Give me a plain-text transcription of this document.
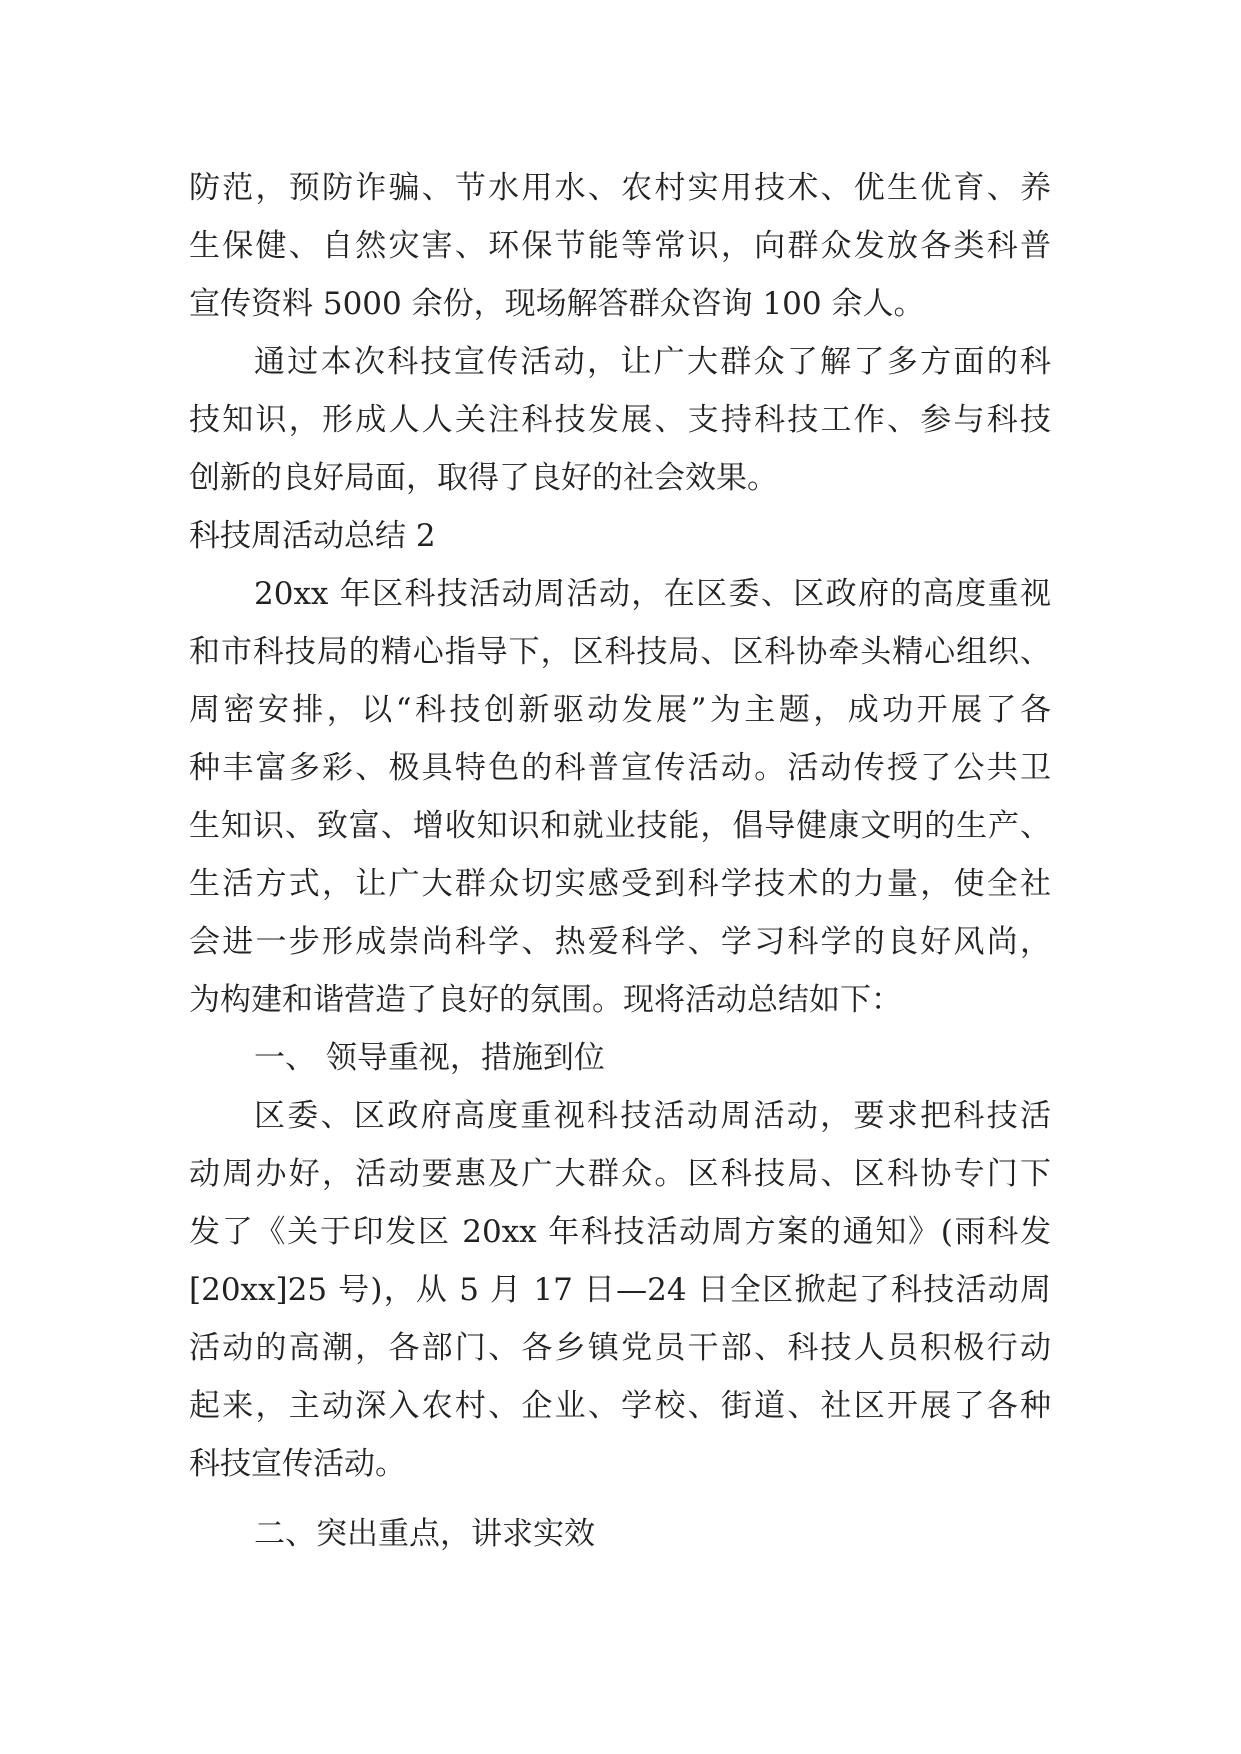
防范，预防诈骗、节水用水、农村实用技术、优生优育、养
生保健、自然灾害、环保节能等常识，向群众发放各类科普
宣传资料 5000 余份，现场解答群众咨询 100 余人。
通过本次科技宣传活动，让广大群众了解了多方面的科
技知识，形成人人关注科技发展、支持科技工作、参与科技
创新的良好局面，取得了良好的社会效果。
科技周活动总结 2
20xx 年区科技活动周活动，在区委、区政府的高度重视
和市科技局的精心指导下，区科技局、区科协牵头精心组织、
周密安排，以“科技创新驱动发展”为主题，成功开展了各
种丰富多彩、极具特色的科普宣传活动。活动传授了公共卫
生知识、致富、增收知识和就业技能，倡导健康文明的生产、
生活方式，让广大群众切实感受到科学技术的力量，使全社
会进一步形成崇尚科学、热爱科学、学习科学的良好风尚，
为构建和谐营造了良好的氛围。现将活动总结如下：
一、 领导重视，措施到位
区委、区政府高度重视科技活动周活动，要求把科技活
动周办好，活动要惠及广大群众。区科技局、区科协专门下
发了《关于印发区 20xx 年科技活动周方案的通知》(雨科发
[20xx]25 号)，从 5 月 17 日—24 日全区掀起了科技活动周
活动的高潮，各部门、各乡镇党员干部、科技人员积极行动
起来，主动深入农村、企业、学校、街道、社区开展了各种
科技宣传活动。
二、突出重点，讲求实效
